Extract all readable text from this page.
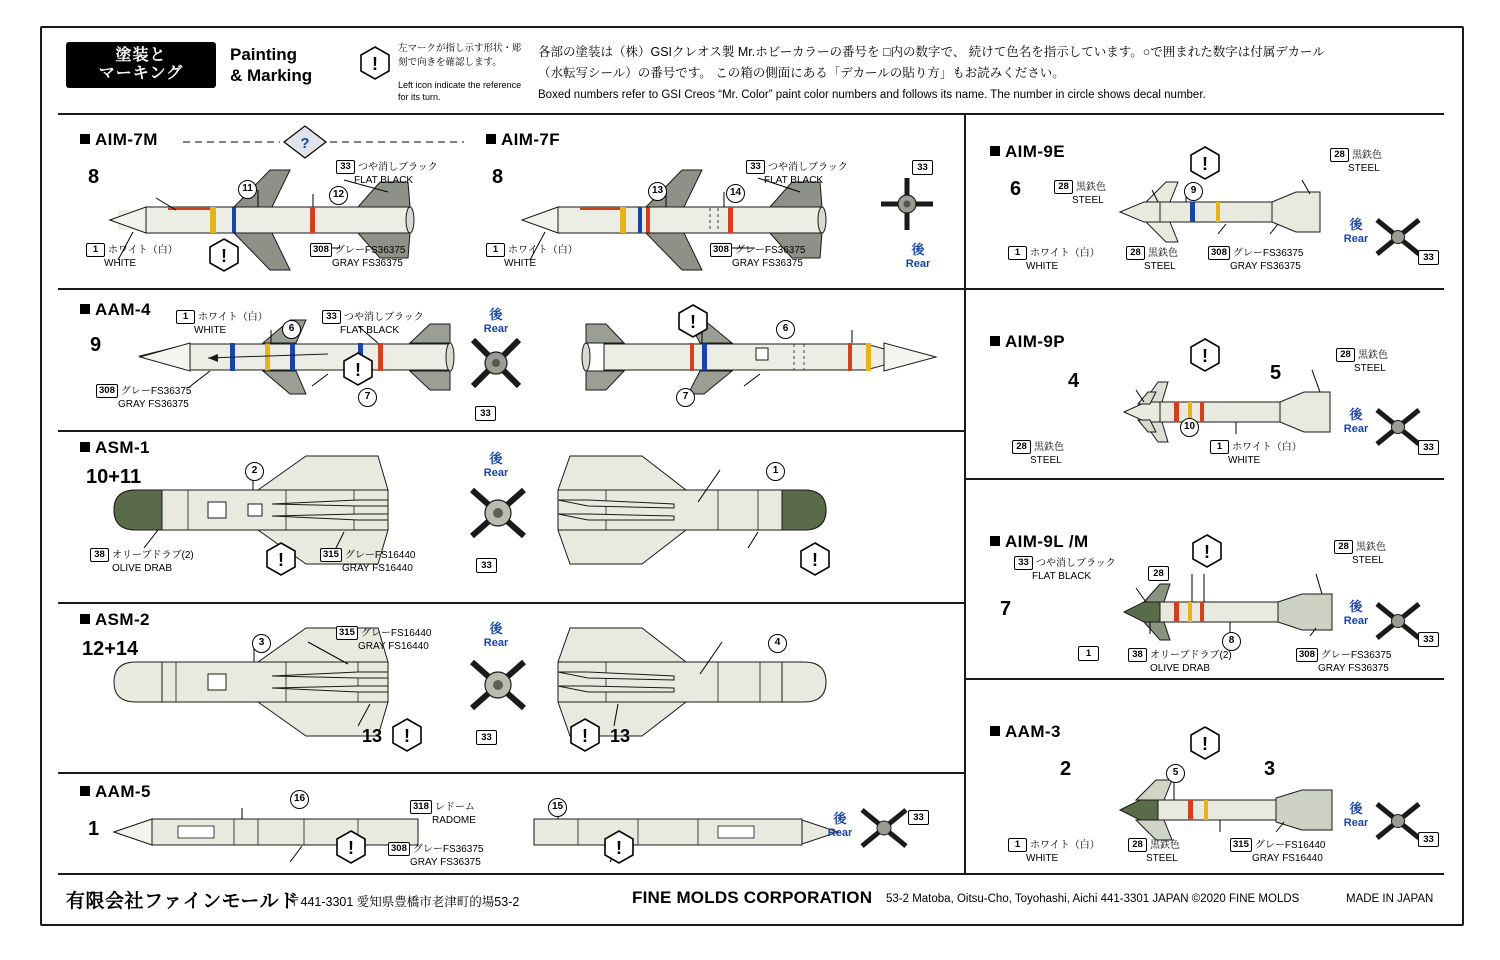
塗装と
マーキング
Painting
& Marking
!
左マークが指し示す形状・彫刻で向きを確認します。
Left icon indicate the reference for its turn.
各部の塗装は（株）GSIクレオス製 Mr.ホビーカラーの番号を □内の数字で、 続けて色名を指示しています。○で囲まれた数字は付属デカール
（水転写シール）の番号です。 この箱の側面にある「デカールの貼り方」もお読みください。
Boxed numbers refer to GSI Creos “Mr. Color” paint color numbers and follows its name. The number in circle shows decal number.
AIM-7M
8
?
11
12
33 つや消しブラック
FLAT BLACK
1 ホワイト（白）
WHITE
308 グレーFS36375
GRAY FS36375
!
AIM-7F
8
13	14
33 つや消しブラック
FLAT BLACK
1 ホワイト（白）
WHITE
308 グレーFS36375
GRAY FS36375
33
後
Rear
AAM-4
9
6
7
1 ホワイト（白）
WHITE
33 つや消しブラック
FLAT BLACK
308 グレーFS36375
GRAY FS36375
!
後
Rear
33
6
7
!
ASM-1
10+11	2	1
38 オリーブドラブ(2)
OLIVE DRAB
315 グレーFS16440
GRAY FS16440
!	!
後
Rear
33
ASM-2
12+14	3	4
315 グレーFS16440
GRAY FS16440
13	13
!	!
後
Rear
33
AAM-5
1
16
15
318 レドーム
RADOME
308 グレーFS36375
GRAY FS36375
!	!
後
Rear
33
AIM-9E
6	9
28 黒鉄色
STEEL
28 黒鉄色
STEEL
1 ホワイト（白）
WHITE
28 黒鉄色
STEEL
308 グレーFS36375
GRAY FS36375
!
後
Rear
33
AIM-9P
4	5
10
28 黒鉄色
STEEL
28 黒鉄色
STEEL
1 ホワイト（白）
WHITE
!
後
Rear
33
AIM-9L /M
7
8
33 つや消しブラック
FLAT BLACK	28
1
28 黒鉄色
STEEL
38 オリーブドラブ(2)
OLIVE DRAB
308 グレーFS36375
GRAY FS36375
!
後
Rear
33
AAM-3
2	3
5
1 ホワイト（白）
WHITE
28 黒鉄色
STEEL
315 グレーFS16440
GRAY FS16440
!
後
Rear
33
有限会社ファインモールド
〒441-3301 愛知県豊橋市老津町的場53-2	FINE MOLDS CORPORATION 53-2 Matoba, Oitsu-Cho, Toyohashi, Aichi 441-3301 JAPAN ©2020 FINE MOLDS	MADE IN JAPAN
